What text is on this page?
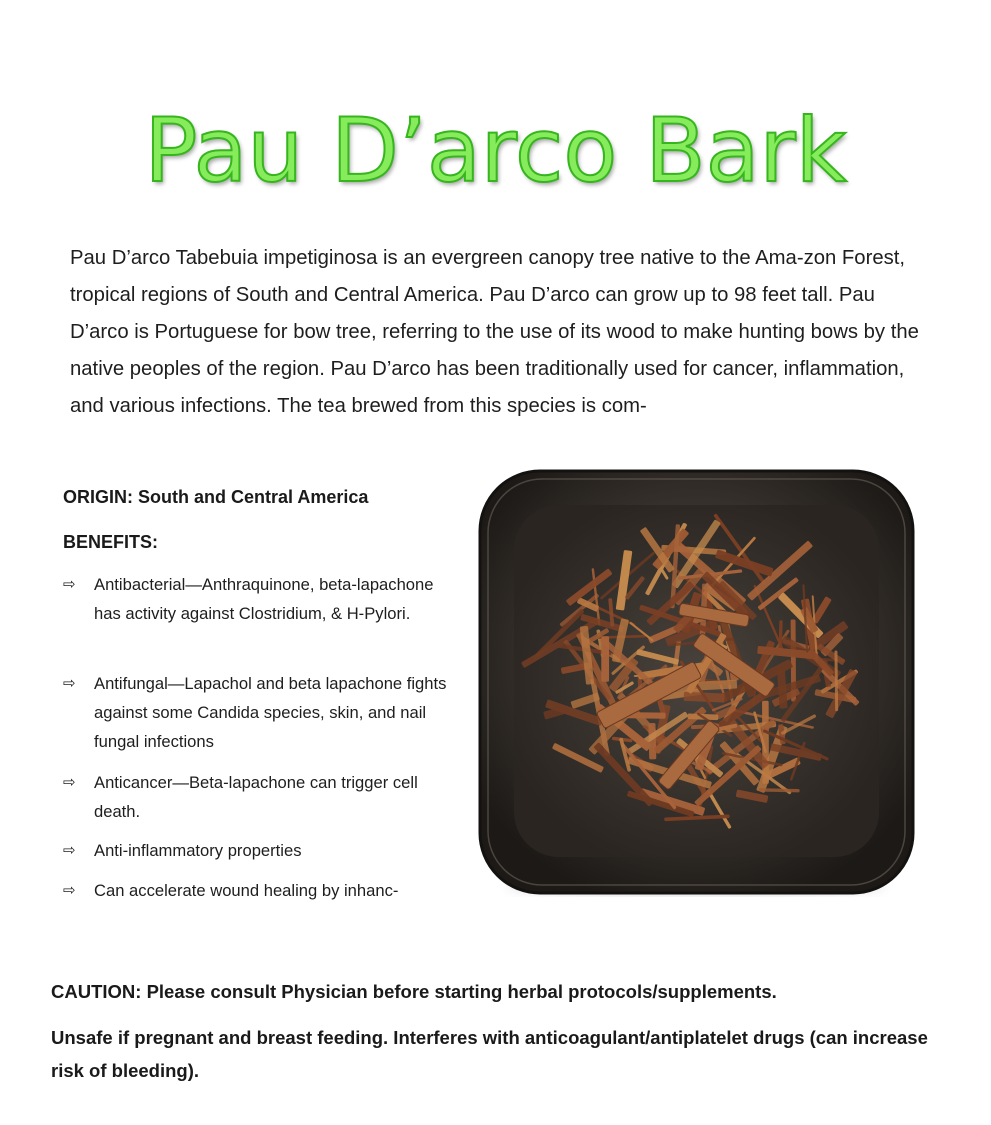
Pau D’arco Bark

Pau D’arco Tabebuia impetiginosa is an evergreen canopy tree native to the Ama-zon Forest, tropical regions of South and Central America. Pau D’arco can grow up to 98 feet tall. Pau D’arco is Portuguese for bow tree, referring to the use of its wood to make hunting bows by the native peoples of the region. Pau D’arco has been traditionally used for cancer, inflammation, and various infections. The tea brewed from this species is com-

ORIGIN: South and Central America
BENEFITS:
⇨	Antibacterial—Anthraquinone, beta-lapachone has activity against Clostridium, & H-Pylori.
⇨	Antifungal—Lapachol and beta lapachone fights against some Candida species, skin, and nail fungal infections
⇨	Anticancer—Beta-lapachone can trigger cell death.
⇨	Anti-inflammatory properties
⇨	Can accelerate wound healing by inhanc-
CAUTION: Please consult Physician before starting herbal protocols/supplements.
Unsafe if pregnant and breast feeding. Interferes with anticoagulant/antiplatelet drugs (can increase risk of bleeding).
